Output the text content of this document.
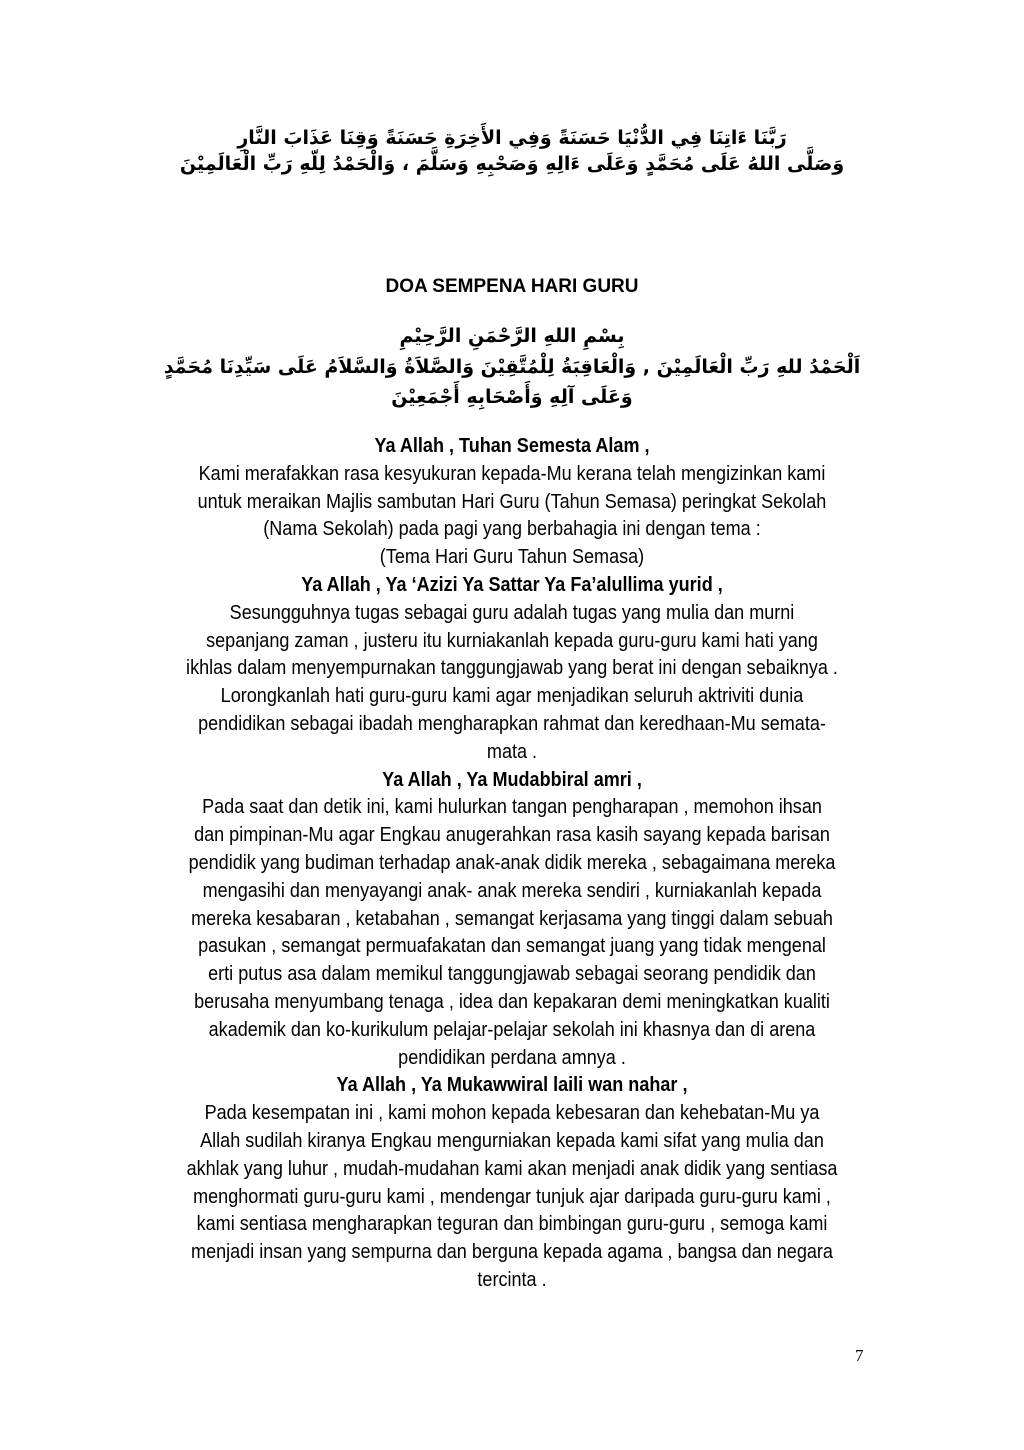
رَبَّنَا ءَاتِنَا فِي الدُّنْيَا حَسَنَةً وَفِي الأَخِرَةِ حَسَنَةً وَقِنَا عَذَابَ النَّارِ

وَصَلَّى اللهُ عَلَى مُحَمَّدٍ وَعَلَى ءَالِهِ وَصَحْبِهِ وَسَلَّمَ ، وَالْحَمْدُ لِلّهِ رَبِّ الْعَالَمِيْنَ

DOA SEMPENA HARI GURU

بِسْمِ اللهِ الرَّحْمَنِ الرَّحِيْمِ

اَلْحَمْدُ للهِ رَبِّ الْعَالَمِيْنَ , وَالْعَاقِبَةُ لِلْمُتَّقِيْنَ وَالصَّلاَةُ وَالسَّلاَمُ عَلَى سَيِّدِنَا مُحَمَّدٍ وَعَلَى آلِهِ وَأَصْحَابِهِ أَجْمَعِيْنَ

Ya Allah , Tuhan Semesta Alam ,

Kami merafakkan rasa kesyukuran kepada-Mu kerana telah mengizinkan kami

untuk meraikan Majlis sambutan Hari Guru (Tahun Semasa) peringkat Sekolah

(Nama Sekolah) pada pagi yang berbahagia ini dengan tema :

(Tema Hari Guru Tahun Semasa)

Ya Allah , Ya ‘Azizi Ya Sattar Ya Fa’alullima yurid ,

Sesungguhnya tugas sebagai guru adalah tugas yang mulia dan murni

sepanjang zaman , justeru itu kurniakanlah kepada guru-guru kami hati yang

ikhlas dalam menyempurnakan tanggungjawab yang berat ini dengan sebaiknya .

Lorongkanlah hati guru-guru kami agar menjadikan seluruh aktriviti dunia

pendidikan sebagai ibadah mengharapkan rahmat dan keredhaan-Mu semata-

mata .

Ya Allah , Ya Mudabbiral amri ,

Pada saat dan detik ini, kami hulurkan tangan pengharapan , memohon ihsan

dan pimpinan-Mu agar Engkau anugerahkan rasa kasih sayang kepada barisan

pendidik yang budiman terhadap anak-anak didik mereka , sebagaimana mereka

mengasihi dan menyayangi anak- anak mereka sendiri , kurniakanlah kepada

mereka kesabaran , ketabahan , semangat kerjasama yang tinggi dalam sebuah

pasukan , semangat permuafakatan dan semangat juang yang tidak mengenal

erti putus asa dalam memikul tanggungjawab sebagai seorang pendidik dan

berusaha menyumbang tenaga , idea dan kepakaran demi meningkatkan kualiti

akademik dan ko-kurikulum pelajar-pelajar sekolah ini khasnya dan di arena

pendidikan perdana amnya .

Ya Allah , Ya Mukawwiral laili wan nahar ,

Pada kesempatan ini , kami mohon kepada kebesaran dan kehebatan-Mu ya

Allah sudilah kiranya Engkau mengurniakan kepada kami sifat yang mulia dan

akhlak yang luhur , mudah-mudahan kami akan menjadi anak didik yang sentiasa

menghormati guru-guru kami , mendengar tunjuk ajar daripada guru-guru kami ,

kami sentiasa mengharapkan teguran dan bimbingan guru-guru , semoga kami

menjadi insan yang sempurna dan berguna kepada agama , bangsa dan negara

tercinta .

7
